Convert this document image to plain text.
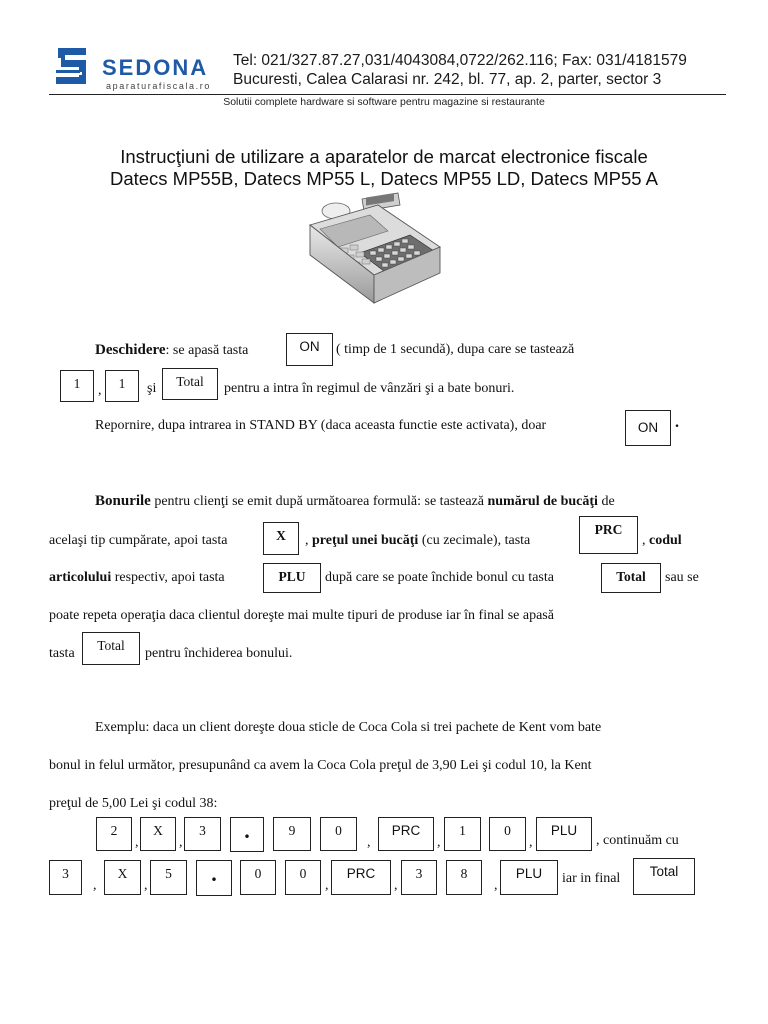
SEDONA
aparaturafiscala.ro
Tel: 021/327.87.27,031/4043084,0722/262.116; Fax: 031/4181579
Bucuresti, Calea Calarasi nr. 242, bl. 77, ap. 2, parter, sector 3
Solutii complete hardware si software pentru magazine si restaurante
Instrucţiuni de utilizare a aparatelor de marcat electronice fiscale
Datecs MP55B, Datecs MP55 L, Datecs MP55 LD, Datecs MP55 A
Deschidere: se apasă tasta	ON	( timp de 1 secundă), dupa care se tastează
1	,	1	şi	Total	pentru a intra în regimul de vânzări şi a bate bonuri.
Repornire, dupa intrarea in STAND BY (daca aceasta functie este activata), doar	ON	.
Bonurile pentru clienţi se emit după următoarea formulă: se tastează numărul de bucăţi de
acelaşi tip cumpărate, apoi tasta	X	, preţul unei bucăţi (cu zecimale), tasta
PRC
, codul
articolului respectiv, apoi tasta	PLU	după care se poate închide bonul cu tasta	Total	sau se
poate repeta operaţia daca clientul doreşte mai multe tipuri de produse iar în final se apasă
tasta
Total
pentru închiderea bonului.
Exemplu: daca un client doreşte doua sticle de Coca Cola si trei pachete de Kent vom bate
bonul in felul următor, presupunând ca avem la Coca Cola preţul de 3,90 Lei şi codul 10, la Kent
preţul de 5,00 Lei şi codul 38:
2
,
X
,
3	.	9	0
,
PRC
,
1	0
,
PLU
, continuăm cu
3
,
X
,
5	.	0	0
,
PRC
,
3	8
,
PLU	iar in final	Total
